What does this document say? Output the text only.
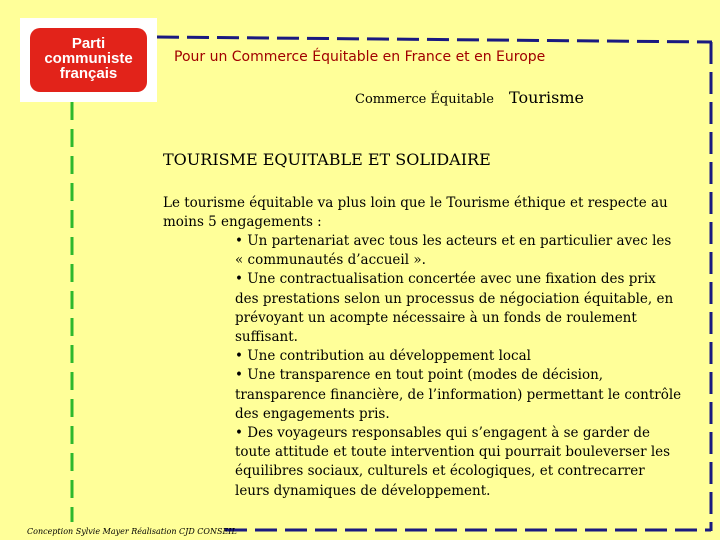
Parti
communiste
français
Pour un Commerce Équitable en France et en Europe
Commerce Équitable Tourisme
TOURISME EQUITABLE ET SOLIDAIRE
Le tourisme équitable va plus loin que le Tourisme éthique et respecte au moins 5 engagements :

• Un partenariat avec tous les acteurs et en particulier avec les « communautés d’accueil ».

• Une contractualisation concertée avec une fixation des prix des prestations selon un processus de négociation équitable, en prévoyant un acompte nécessaire à un fonds de roulement suffisant.

• Une contribution au développement local

• Une transparence en tout point (modes de décision, transparence financière, de l’information) permettant le contrôle des engagements pris.

• Des voyageurs responsables qui s’engagent à se garder de toute attitude et toute intervention qui pourrait bouleverser les équilibres sociaux, culturels et écologiques, et contrecarrer leurs dynamiques de développement.

Conception Sylvie Mayer Réalisation CJD CONSEIL
